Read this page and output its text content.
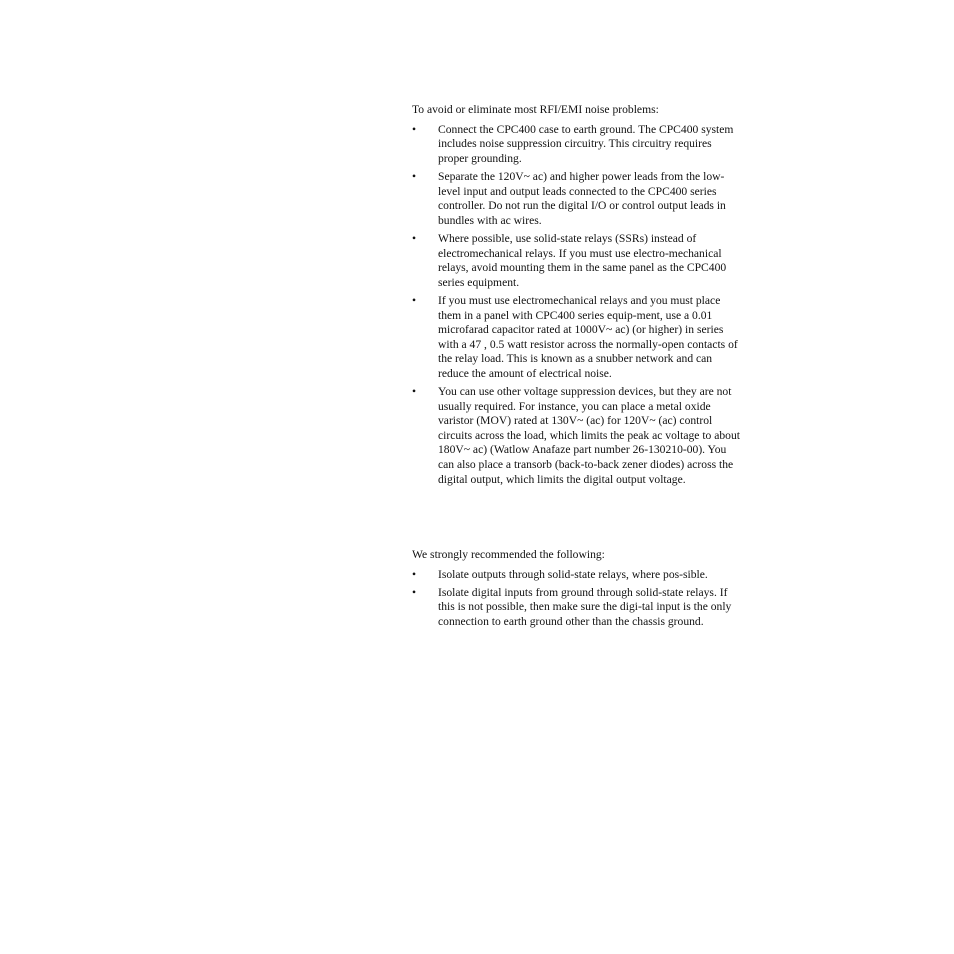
To avoid or eliminate most RFI/EMI noise problems:

•	Connect the CPC400 case to earth ground. The CPC400 system includes noise suppression circuitry. This circuitry requires proper grounding.
•	Separate the 120V~ ac) and higher power leads from the low-level input and output leads connected to the CPC400 series controller. Do not run the digital I/O or control output leads in bundles with ac wires.
•	Where possible, use solid-state relays (SSRs) instead of electromechanical relays. If you must use electro-mechanical relays, avoid mounting them in the same panel as the CPC400 series equipment.
•	If you must use electromechanical relays and you must place them in a panel with CPC400 series equip-ment, use a 0.01 microfarad capacitor rated at 1000V~ ac) (or higher) in series with a 47 , 0.5 watt resistor across the normally-open contacts of the relay load. This is known as a snubber network and can reduce the amount of electrical noise.
•	You can use other voltage suppression devices, but they are not usually required. For instance, you can place a metal oxide varistor (MOV) rated at 130V~ (ac) for 120V~ (ac) control circuits across the load, which limits the peak ac voltage to about 180V~ ac) (Watlow Anafaze part number 26-130210-00). You can also place a transorb (back-to-back zener diodes) across the digital output, which limits the digital output voltage.

We strongly recommended the following:

•	Isolate outputs through solid-state relays, where pos-sible.
•	Isolate digital inputs from ground through solid-state relays. If this is not possible, then make sure the digi-tal input is the only connection to earth ground other than the chassis ground.
